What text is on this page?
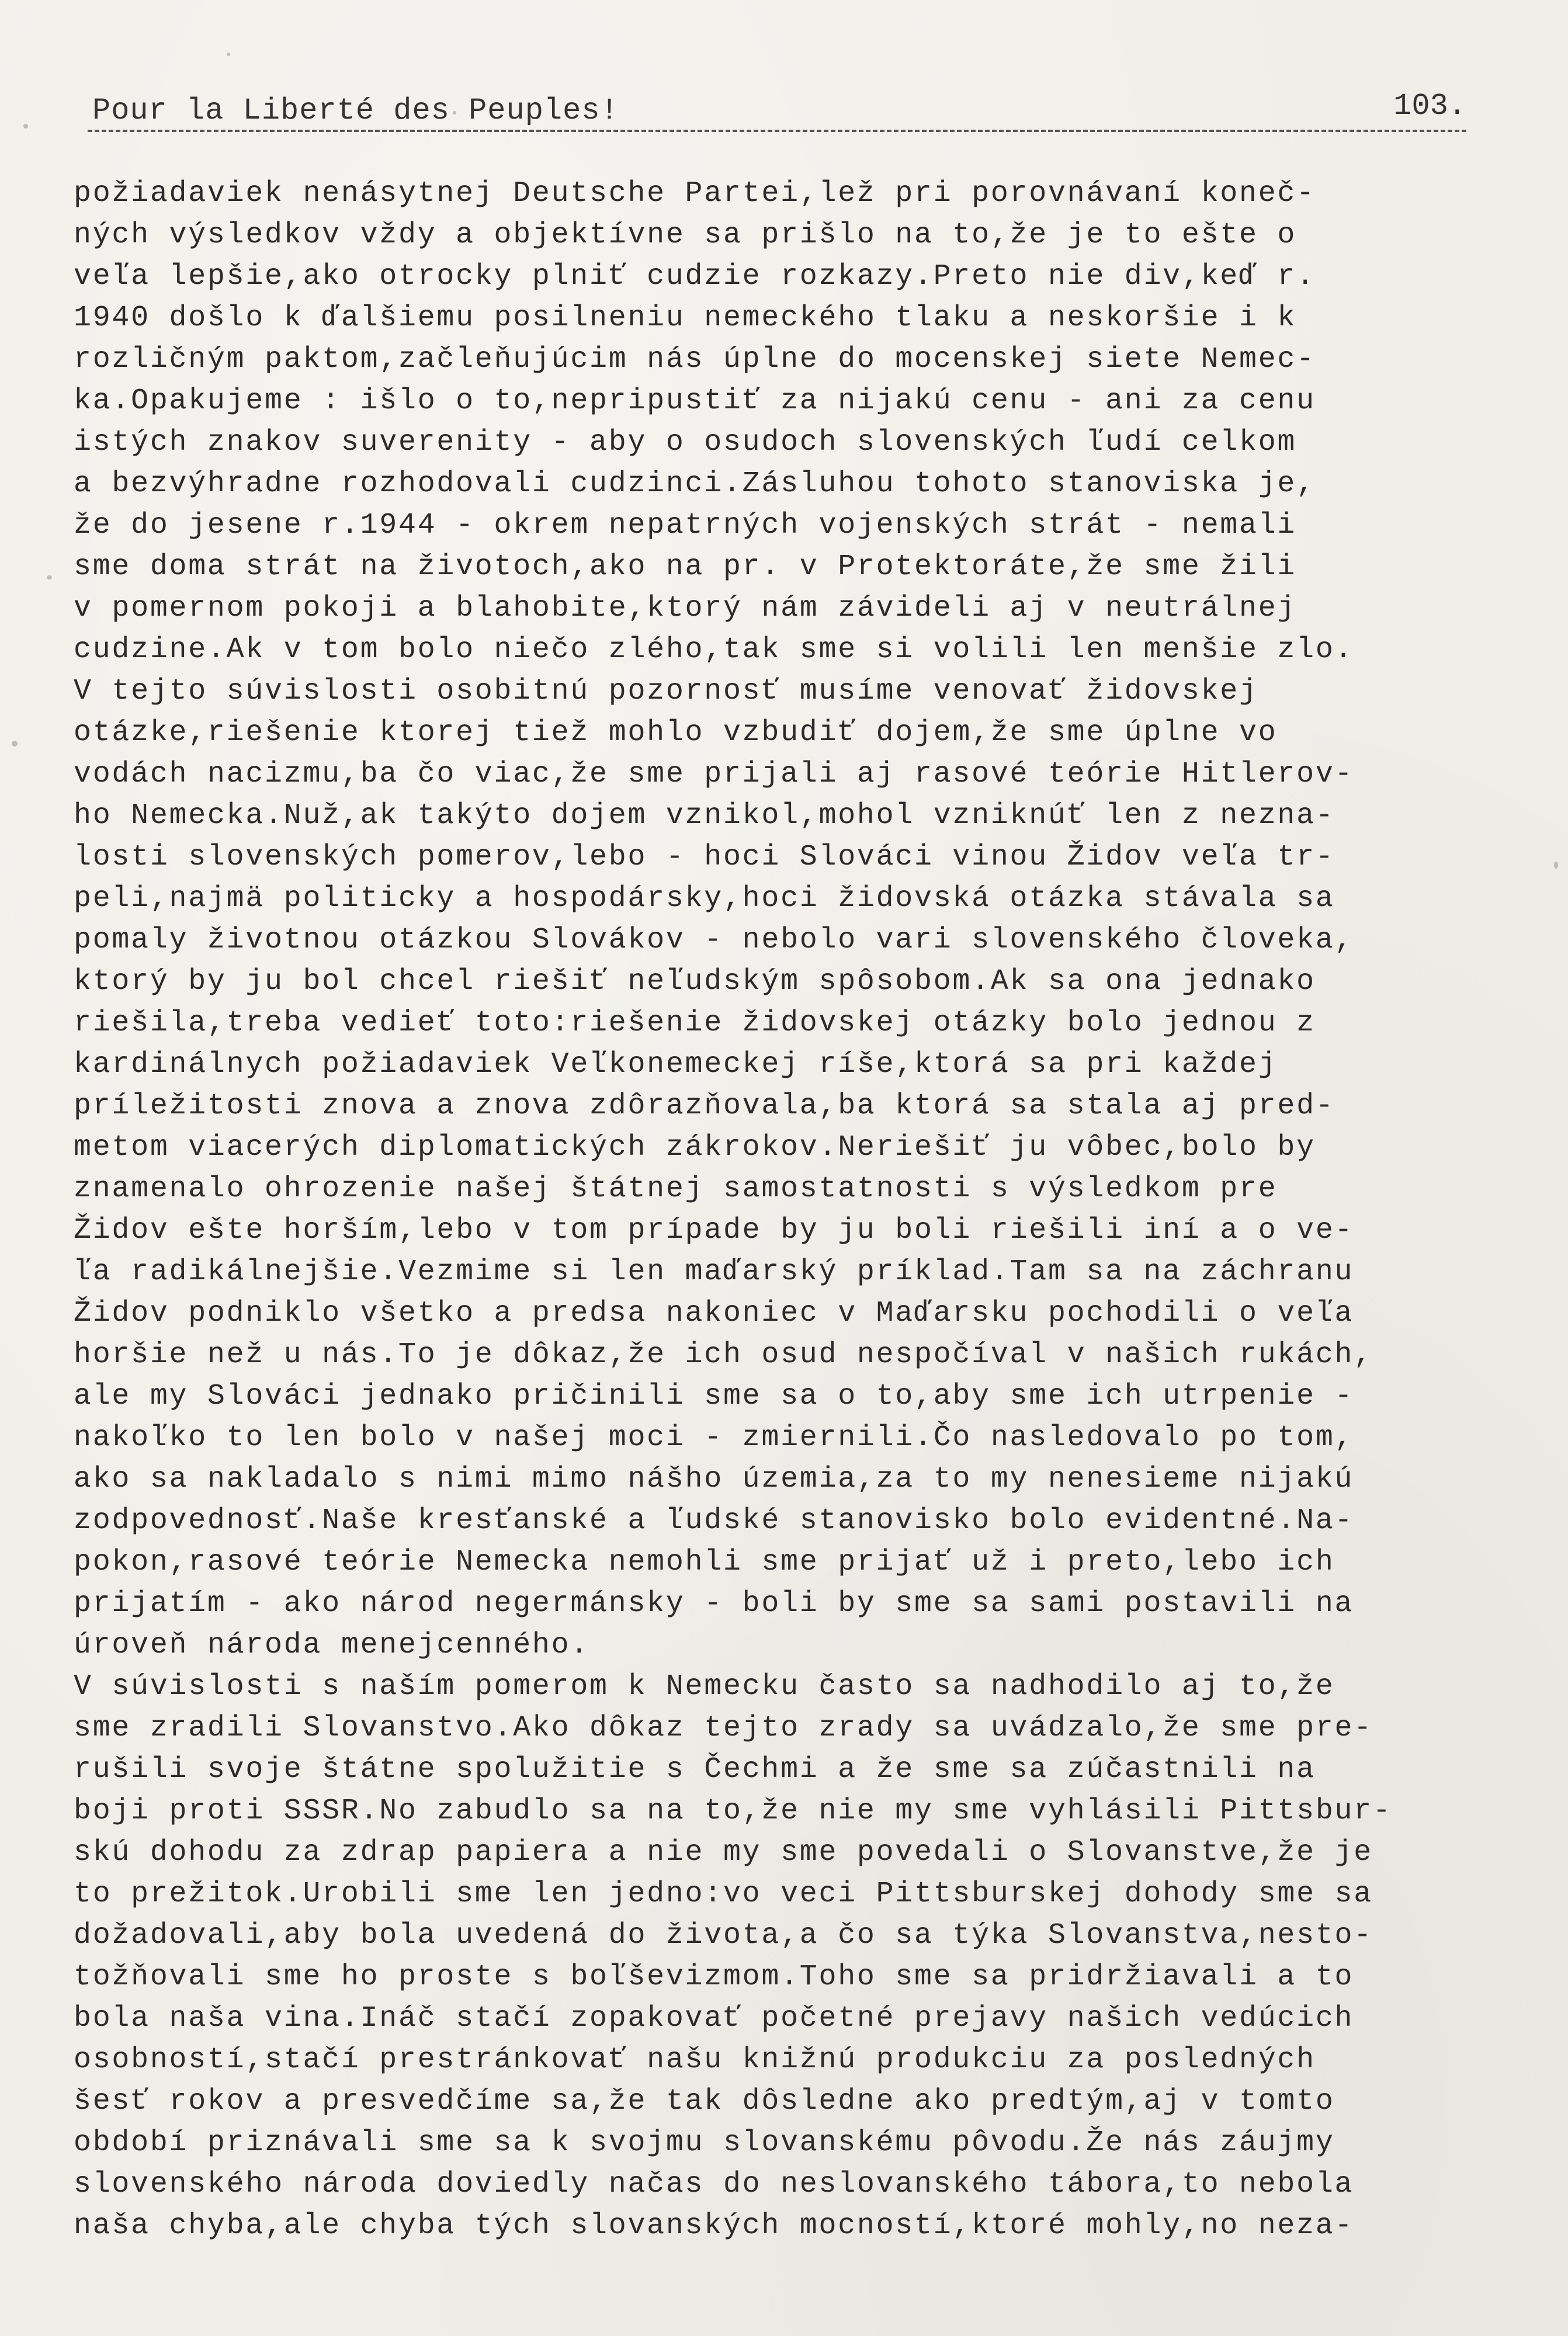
Pour la Liberté des Peuples!	103.
požiadaviek nenásytnej Deutsche Partei,lež pri porovnávaní koneč-
ných výsledkov vždy a objektívne sa prišlo na to,že je to ešte o
veľa lepšie,ako otrocky plniť cudzie rozkazy.Preto nie div,keď r.
1940 došlo k ďalšiemu posilneniu nemeckého tlaku a neskoršie i k
rozličným paktom,začleňujúcim nás úplne do mocenskej siete Nemec-
ka.Opakujeme : išlo o to,nepripustiť za nijakú cenu - ani za cenu
istých znakov suverenity - aby o osudoch slovenských ľudí celkom
a bezvýhradne rozhodovali cudzinci.Zásluhou tohoto stanoviska je,
že do jesene r.1944 - okrem nepatrných vojenských strát - nemali
sme doma strát na životoch,ako na pr. v Protektoráte,že sme žili
v pomernom pokoji a blahobite,ktorý nám závideli aj v neutrálnej
cudzine.Ak v tom bolo niečo zlého,tak sme si volili len menšie zlo.
V tejto súvislosti osobitnú pozornosť musíme venovať židovskej
otázke,riešenie ktorej tiež mohlo vzbudiť dojem,že sme úplne vo
vodách nacizmu,ba čo viac,že sme prijali aj rasové teórie Hitlerov-
ho Nemecka.Nuž,ak takýto dojem vznikol,mohol vzniknúť len z nezna-
losti slovenských pomerov,lebo - hoci Slováci vinou Židov veľa tr-
peli,najmä politicky a hospodársky,hoci židovská otázka stávala sa
pomaly životnou otázkou Slovákov - nebolo vari slovenského človeka,
ktorý by ju bol chcel riešiť neľudským spôsobom.Ak sa ona jednako
riešila,treba vedieť toto:riešenie židovskej otázky bolo jednou z
kardinálnych požiadaviek Veľkonemeckej ríše,ktorá sa pri každej
príležitosti znova a znova zdôrazňovala,ba ktorá sa stala aj pred-
metom viacerých diplomatických zákrokov.Neriešiť ju vôbec,bolo by
znamenalo ohrozenie našej štátnej samostatnosti s výsledkom pre
Židov ešte horším,lebo v tom prípade by ju boli riešili iní a o ve-
ľa radikálnejšie.Vezmime si len maďarský príklad.Tam sa na záchranu
Židov podniklo všetko a predsa nakoniec v Maďarsku pochodili o veľa
horšie než u nás.To je dôkaz,že ich osud nespočíval v našich rukách,
ale my Slováci jednako pričinili sme sa o to,aby sme ich utrpenie -
nakoľko to len bolo v našej moci - zmiernili.Čo nasledovalo po tom,
ako sa nakladalo s nimi mimo nášho územia,za to my nenesieme nijakú
zodpovednosť.Naše kresťanské a ľudské stanovisko bolo evidentné.Na-
pokon,rasové teórie Nemecka nemohli sme prijať už i preto,lebo ich
prijatím - ako národ negermánsky - boli by sme sa sami postavili na
úroveň národa menejcenného.
V súvislosti s naším pomerom k Nemecku často sa nadhodilo aj to,že
sme zradili Slovanstvo.Ako dôkaz tejto zrady sa uvádzalo,že sme pre-
rušili svoje štátne spolužitie s Čechmi a že sme sa zúčastnili na
boji proti SSSR.No zabudlo sa na to,že nie my sme vyhlásili Pittsbur-
skú dohodu za zdrap papiera a nie my sme povedali o Slovanstve,že je
to prežitok.Urobili sme len jedno:vo veci Pittsburskej dohody sme sa
dožadovali,aby bola uvedená do života,a čo sa týka Slovanstva,nesto-
tožňovali sme ho proste s boľševizmom.Toho sme sa pridržiavali a to
bola naša vina.Ináč stačí zopakovať početné prejavy našich vedúcich
osobností,stačí prestránkovať našu knižnú produkciu za posledných
šesť rokov a presvedčíme sa,že tak dôsledne ako predtým,aj v tomto
období priznávali sme sa k svojmu slovanskému pôvodu.Že nás záujmy
slovenského národa doviedly načas do neslovanského tábora,to nebola
naša chyba,ale chyba tých slovanských mocností,ktoré mohly,no neza-
